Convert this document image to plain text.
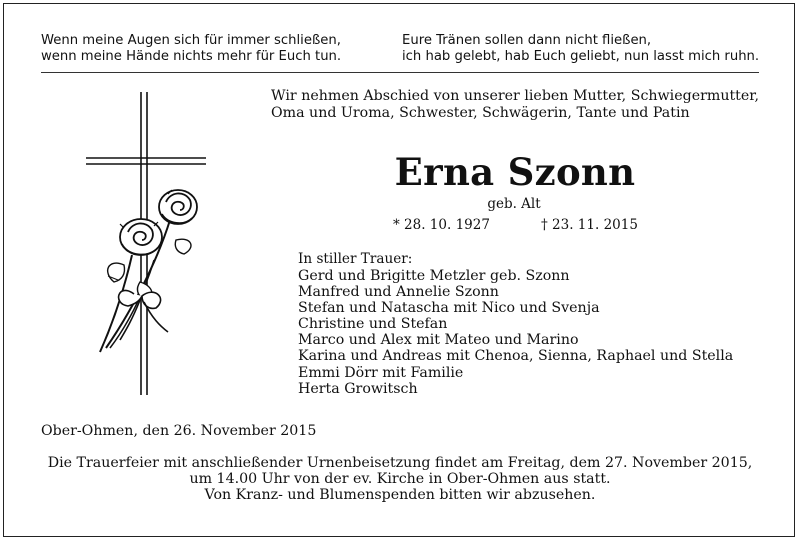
Wenn meine Augen sich für immer schließen,
wenn meine Hände nichts mehr für Euch tun.
Eure Tränen sollen dann nicht fließen,
ich hab gelebt, hab Euch geliebt, nun lasst mich ruhn.
Wir nehmen Abschied von unserer lieben Mutter, Schwiegermutter, Oma und Uroma, Schwester, Schwägerin, Tante und Patin
Erna Szonn
geb. Alt
* 28. 10. 1927	† 23. 11. 2015
In stiller Trauer:
Gerd und Brigitte Metzler geb. Szonn
Manfred und Annelie Szonn
Stefan und Natascha mit Nico und Svenja
Christine und Stefan
Marco und Alex mit Mateo und Marino
Karina und Andreas mit Chenoa, Sienna, Raphael und Stella
Emmi Dörr mit Familie
Herta Growitsch
Ober-Ohmen, den 26. November 2015
Die Trauerfeier mit anschließender Urnenbeisetzung findet am Freitag, dem 27. November 2015,
um 14.00 Uhr von der ev. Kirche in Ober-Ohmen aus statt.
Von Kranz- und Blumenspenden bitten wir abzusehen.
